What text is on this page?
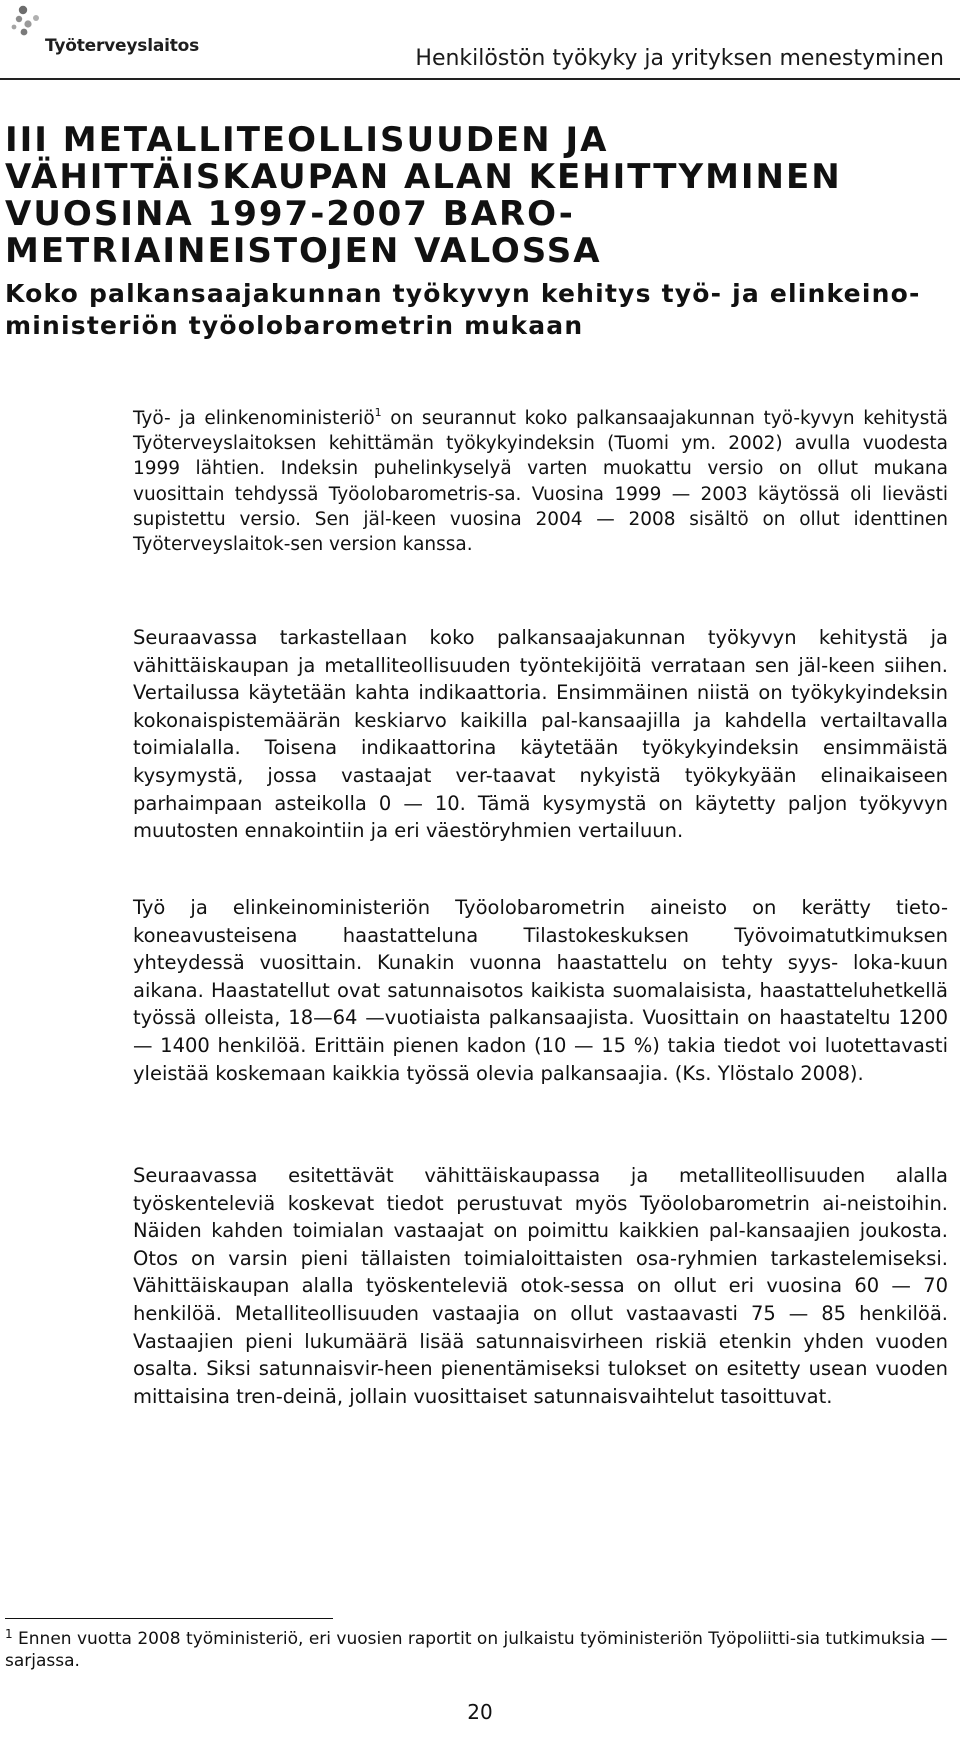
Työterveyslaitos	Henkilöstön työkyky ja yrityksen menestyminen
III METALLITEOLLISUUDEN JA VÄHITTÄISKAUPAN ALAN KEHITTYMINEN VUOSINA 1997-2007 BARO-METRIAINEISTOJEN VALOSSA
Koko palkansaajakunnan työkyvyn kehitys työ- ja elinkeino-ministeriön työolobarometrin mukaan

Työ- ja elinkenoministeriö$^1$ on seurannut koko palkansaajakunnan työ-kyvyn kehitystä Työterveyslaitoksen kehittämän työkykyindeksin (Tuomi ym. 2002) avulla vuodesta 1999 lähtien. Indeksin puhelinkyselyä varten muokattu versio on ollut mukana vuosittain tehdyssä Työolobarometris-sa. Vuosina 1999 — 2003 käytössä oli lievästi supistettu versio. Sen jäl-keen vuosina 2004 — 2008 sisältö on ollut identtinen Työterveyslaitok-sen version kanssa.

Seuraavassa tarkastellaan koko palkansaajakunnan työkyvyn kehitystä ja vähittäiskaupan ja metalliteollisuuden työntekijöitä verrataan sen jäl-keen siihen. Vertailussa käytetään kahta indikaattoria. Ensimmäinen niistä on työkykyindeksin kokonaispistemäärän keskiarvo kaikilla pal-kansaajilla ja kahdella vertailtavalla toimialalla. Toisena indikaattorina käytetään työkykyindeksin ensimmäistä kysymystä, jossa vastaajat ver-taavat nykyistä työkykyään elinaikaiseen parhaimpaan asteikolla 0 — 10. Tämä kysymystä on käytetty paljon työkyvyn muutosten ennakointiin ja eri väestöryhmien vertailuun.

Työ ja elinkeinoministeriön Työolobarometrin aineisto on kerätty tieto-koneavusteisena haastatteluna Tilastokeskuksen Työvoimatutkimuksen yhteydessä vuosittain. Kunakin vuonna haastattelu on tehty syys- loka-kuun aikana. Haastatellut ovat satunnaisotos kaikista suomalaisista, haastatteluhetkellä työssä olleista, 18—64 —vuotiaista palkansaajista. Vuosittain on haastateltu 1200 — 1400 henkilöä. Erittäin pienen kadon (10 — 15 %) takia tiedot voi luotettavasti yleistää koskemaan kaikkia työssä olevia palkansaajia. (Ks. Ylöstalo 2008).

Seuraavassa esitettävät vähittäiskaupassa ja metalliteollisuuden alalla työskenteleviä koskevat tiedot perustuvat myös Työolobarometrin ai-neistoihin. Näiden kahden toimialan vastaajat on poimittu kaikkien pal-kansaajien joukosta. Otos on varsin pieni tällaisten toimialoittaisten osa-ryhmien tarkastelemiseksi. Vähittäiskaupan alalla työskenteleviä otok-sessa on ollut eri vuosina 60 — 70 henkilöä. Metalliteollisuuden vastaajia on ollut vastaavasti 75 — 85 henkilöä. Vastaajien pieni lukumäärä lisää satunnaisvirheen riskiä etenkin yhden vuoden osalta. Siksi satunnaisvir-heen pienentämiseksi tulokset on esitetty usean vuoden mittaisina tren-deinä, jollain vuosittaiset satunnaisvaihtelut tasoittuvat.

$^1$ Ennen vuotta 2008 työministeriö, eri vuosien raportit on julkaistu työministeriön Työpoliitti-sia tutkimuksia —sarjassa.

20
